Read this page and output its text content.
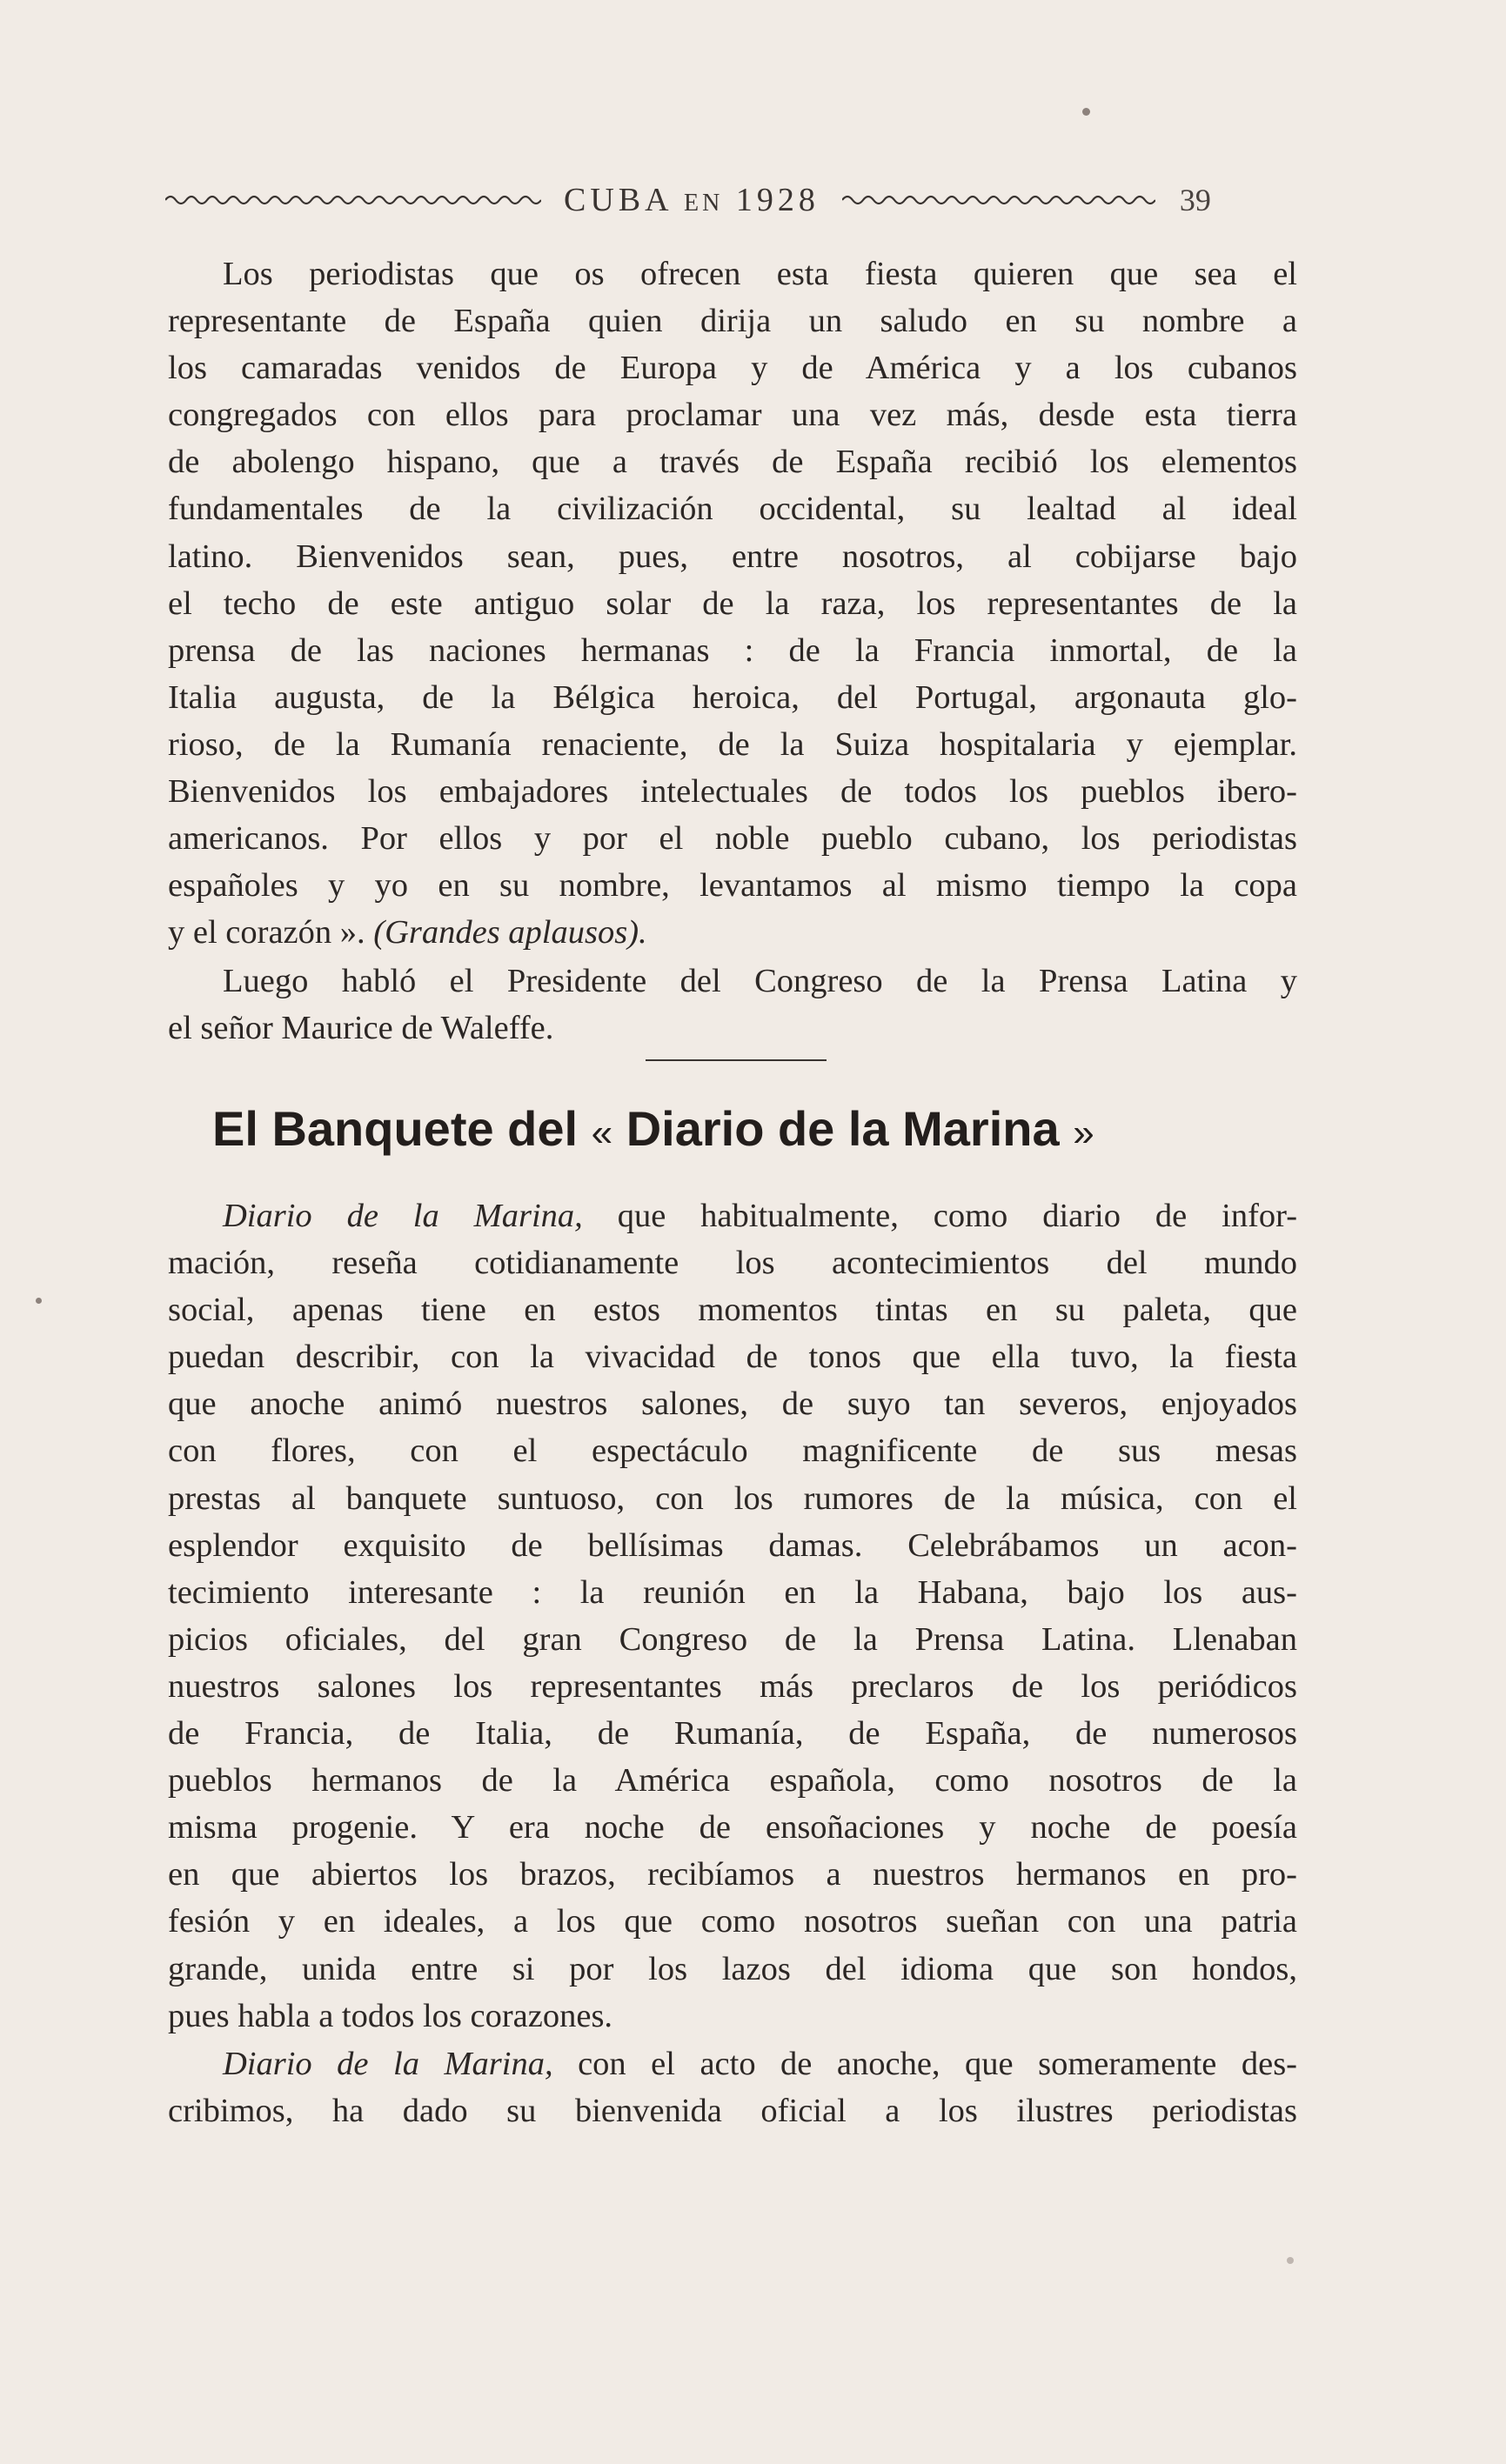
CUBA EN 1928	39
Los periodistas que os ofrecen esta fiesta quieren que sea el
representante de España quien dirija un saludo en su nombre a
los camaradas venidos de Europa y de América y a los cubanos
congregados con ellos para proclamar una vez más, desde esta tierra
de abolengo hispano, que a través de España recibió los elementos
fundamentales de la civilización occidental, su lealtad al ideal
latino. Bienvenidos sean, pues, entre nosotros, al cobijarse bajo
el techo de este antiguo solar de la raza, los representantes de la
prensa de las naciones hermanas : de la Francia inmortal, de la
Italia augusta, de la Bélgica heroica, del Portugal, argonauta glo-
rioso, de la Rumanía renaciente, de la Suiza hospitalaria y ejemplar.
Bienvenidos los embajadores intelectuales de todos los pueblos ibero-
americanos. Por ellos y por el noble pueblo cubano, los periodistas
españoles y yo en su nombre, levantamos al mismo tiempo la copa
y el corazón ». (Grandes aplausos).
Luego habló el Presidente del Congreso de la Prensa Latina y
el señor Maurice de Waleffe.
El Banquete del « Diario de la Marina »
Diario de la Marina, que habitualmente, como diario de infor-
mación, reseña cotidianamente los acontecimientos del mundo
social, apenas tiene en estos momentos tintas en su paleta, que
puedan describir, con la vivacidad de tonos que ella tuvo, la fiesta
que anoche animó nuestros salones, de suyo tan severos, enjoyados
con flores, con el espectáculo magnificente de sus mesas
prestas al banquete suntuoso, con los rumores de la música, con el
esplendor exquisito de bellísimas damas. Celebrábamos un acon-
tecimiento interesante : la reunión en la Habana, bajo los aus-
picios oficiales, del gran Congreso de la Prensa Latina. Llenaban
nuestros salones los representantes más preclaros de los periódicos
de Francia, de Italia, de Rumanía, de España, de numerosos
pueblos hermanos de la América española, como nosotros de la
misma progenie. Y era noche de ensoñaciones y noche de poesía
en que abiertos los brazos, recibíamos a nuestros hermanos en pro-
fesión y en ideales, a los que como nosotros sueñan con una patria
grande, unida entre si por los lazos del idioma que son hondos,
pues habla a todos los corazones.
Diario de la Marina, con el acto de anoche, que someramente des-
cribimos, ha dado su bienvenida oficial a los ilustres periodistas
